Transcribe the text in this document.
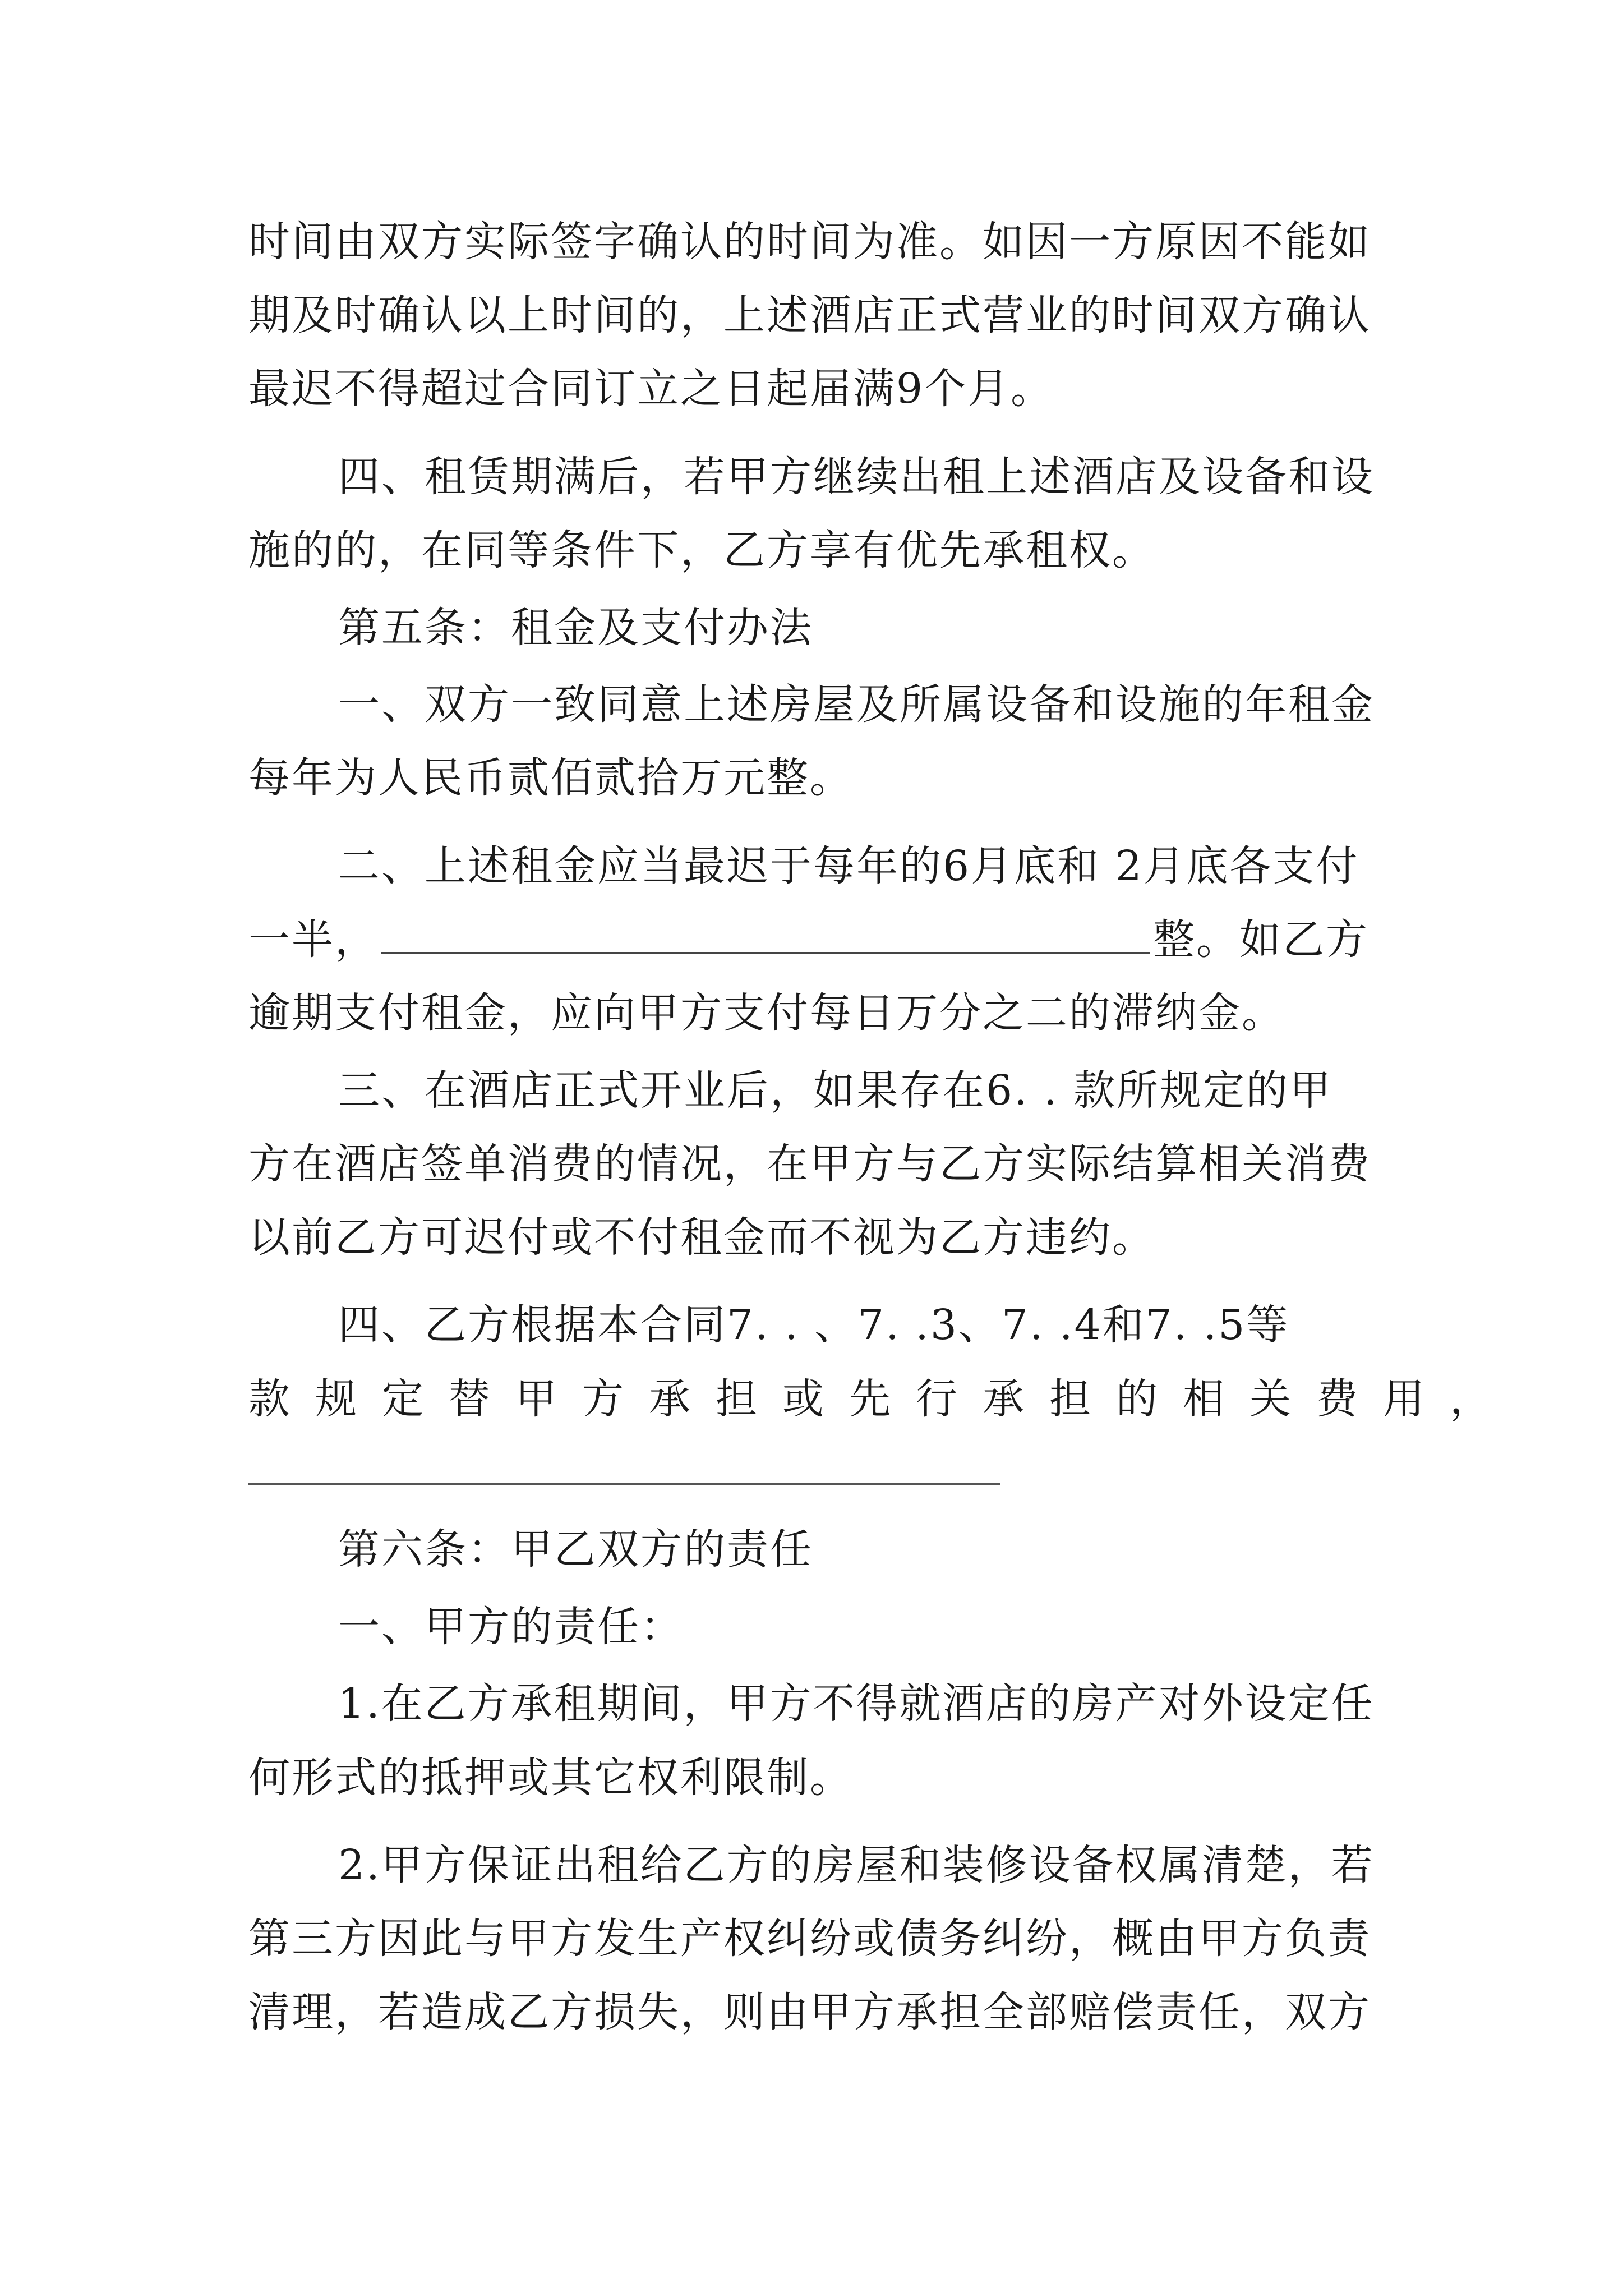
时间由双方实际签字确认的时间为准。如因一方原因不能如
期及时确认以上时间的，上述酒店正式营业的时间双方确认
最迟不得超过合同订立之日起届满9个月。
四、租赁期满后，若甲方继续出租上述酒店及设备和设
施的的，在同等条件下，乙方享有优先承租权。
第五条：租金及支付办法
一、双方一致同意上述房屋及所属设备和设施的年租金
每年为人民币贰佰贰拾万元整。
二、上述租金应当最迟于每年的6月底和 2月底各支付
一半，	整。如乙方
逾期支付租金，应向甲方支付每日万分之二的滞纳金。
三、在酒店正式开业后，如果存在6. . 款所规定的甲
方在酒店签单消费的情况，在甲方与乙方实际结算相关消费
以前乙方可迟付或不付租金而不视为乙方违约。
四、乙方根据本合同7. . 、7. .3、7. .4和7. .5等
款规定替甲方承担或先行承担的相关费用，
第六条：甲乙双方的责任
一、甲方的责任：
1.在乙方承租期间，甲方不得就酒店的房产对外设定任
何形式的抵押或其它权利限制。
2.甲方保证出租给乙方的房屋和装修设备权属清楚，若
第三方因此与甲方发生产权纠纷或债务纠纷，概由甲方负责
清理，若造成乙方损失，则由甲方承担全部赔偿责任，双方
